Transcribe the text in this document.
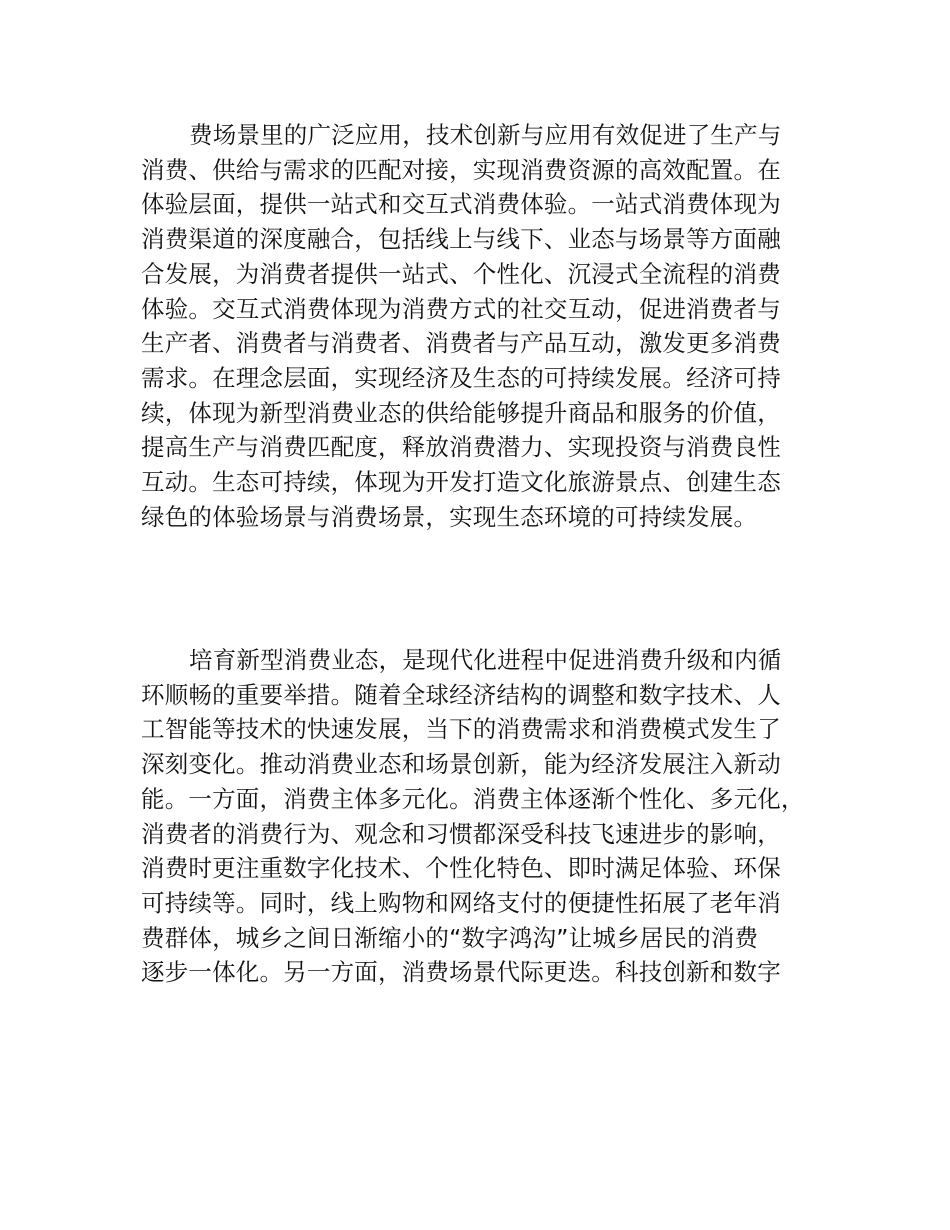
费场景里的广泛应用，技术创新与应用有效促进了生产与
消费、供给与需求的匹配对接，实现消费资源的高效配置。在
体验层面，提供一站式和交互式消费体验。一站式消费体现为
消费渠道的深度融合，包括线上与线下、业态与场景等方面融
合发展，为消费者提供一站式、个性化、沉浸式全流程的消费
体验。交互式消费体现为消费方式的社交互动，促进消费者与
生产者、消费者与消费者、消费者与产品互动，激发更多消费
需求。在理念层面，实现经济及生态的可持续发展。经济可持
续，体现为新型消费业态的供给能够提升商品和服务的价值，
提高生产与消费匹配度，释放消费潜力、实现投资与消费良性
互动。生态可持续，体现为开发打造文化旅游景点、创建生态
绿色的体验场景与消费场景，实现生态环境的可持续发展。
培育新型消费业态，是现代化进程中促进消费升级和内循
环顺畅的重要举措。随着全球经济结构的调整和数字技术、人
工智能等技术的快速发展，当下的消费需求和消费模式发生了
深刻变化。推动消费业态和场景创新，能为经济发展注入新动
能。一方面，消费主体多元化。消费主体逐渐个性化、多元化，
消费者的消费行为、观念和习惯都深受科技飞速进步的影响，
消费时更注重数字化技术、个性化特色、即时满足体验、环保
可持续等。同时，线上购物和网络支付的便捷性拓展了老年消
费群体，城乡之间日渐缩小的“数字鸿沟”让城乡居民的消费
逐步一体化。另一方面，消费场景代际更迭。科技创新和数字
